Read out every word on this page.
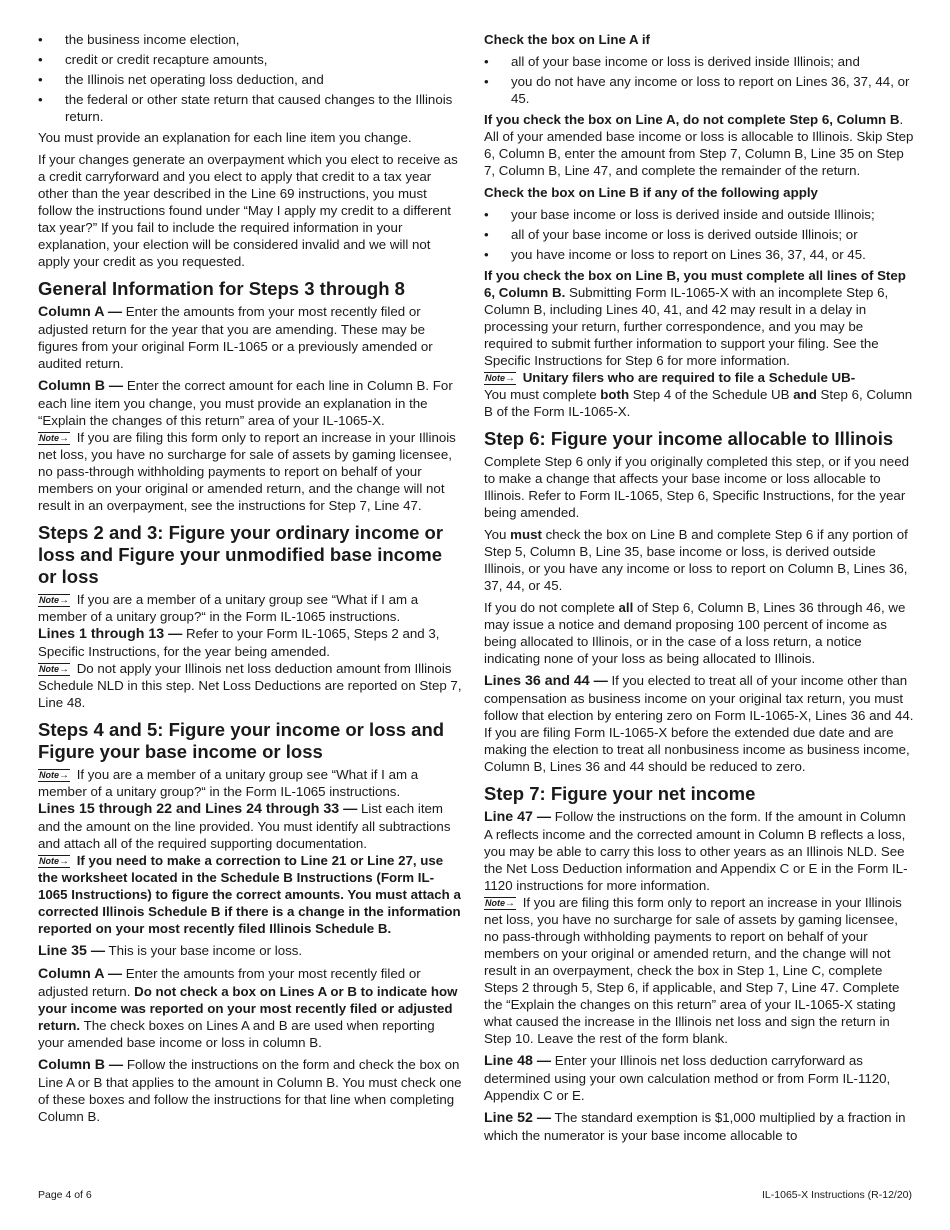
• the business income election,
• credit or credit recapture amounts,
• the Illinois net operating loss deduction, and
• the federal or other state return that caused changes to the Illinois return.

You must provide an explanation for each line item you change.

If your changes generate an overpayment which you elect to receive as a credit carryforward and you elect to apply that credit to a tax year other than the year described in the Line 69 instructions, you must follow the instructions found under “May I apply my credit to a different tax year?” If you fail to include the required information in your explanation, your election will be considered invalid and we will not apply your credit as you requested.

General Information for Steps 3 through 8

Column A — Enter the amounts from your most recently filed or adjusted return for the year that you are amending. These may be figures from your original Form IL-1065 or a previously amended or audited return.

Column B — Enter the correct amount for each line in Column B. For each line item you change, you must provide an explanation in the “Explain the changes of this return” area of your IL-1065-X.
Note→ If you are filing this form only to report an increase in your Illinois net loss, you have no surcharge for sale of assets by gaming licensee, no pass-through withholding payments to report on behalf of your members on your original or amended return, and the change will not result in an overpayment, see the instructions for Step 7, Line 47.

Steps 2 and 3: Figure your ordinary income or loss and Figure your unmodified base income or loss

Note→ If you are a member of a unitary group see “What if I am a member of a unitary group?“ in the Form IL-1065 instructions.
Lines 1 through 13 — Refer to your Form IL-1065, Steps 2 and 3, Specific Instructions, for the year being amended.
Note→ Do not apply your Illinois net loss deduction amount from Illinois Schedule NLD in this step. Net Loss Deductions are reported on Step 7, Line 48.

Steps 4 and 5: Figure your income or loss and Figure your base income or loss

Note→ If you are a member of a unitary group see “What if I am a member of a unitary group?“ in the Form IL-1065 instructions.
Lines 15 through 22 and Lines 24 through 33 — List each item and the amount on the line provided. You must identify all subtractions and attach all of the required supporting documentation.
Note→ If you need to make a correction to Line 21 or Line 27, use the worksheet located in the Schedule B Instructions (Form IL-1065 Instructions) to figure the correct amounts. You must attach a corrected Illinois Schedule B if there is a change in the information reported on your most recently filed Illinois Schedule B.

Line 35 — This is your base income or loss.

Column A — Enter the amounts from your most recently filed or adjusted return. Do not check a box on Lines A or B to indicate how your income was reported on your most recently filed or adjusted return. The check boxes on Lines A and B are used when reporting your amended base income or loss in column B.

Column B — Follow the instructions on the form and check the box on Line A or B that applies to the amount in Column B. You must check one of these boxes and follow the instructions for that line when completing Column B.

Check the box on Line A if

• all of your base income or loss is derived inside Illinois; and
• you do not have any income or loss to report on Lines 36, 37, 44, or 45.

If you check the box on Line A, do not complete Step 6, Column B. All of your amended base income or loss is allocable to Illinois. Skip Step 6, Column B, enter the amount from Step 7, Column B, Line 35 on Step 7, Column B, Line 47, and complete the remainder of the return.

Check the box on Line B if any of the following apply

• your base income or loss is derived inside and outside Illinois;
• all of your base income or loss is derived outside Illinois; or
• you have income or loss to report on Lines 36, 37, 44, or 45.

If you check the box on Line B, you must complete all lines of Step 6, Column B. Submitting Form IL-1065-X with an incomplete Step 6, Column B, including Lines 40, 41, and 42 may result in a delay in processing your return, further correspondence, and you may be required to submit further information to support your filing. See the Specific Instructions for Step 6 for more information.
Note→ Unitary filers who are required to file a Schedule UB-
You must complete both Step 4 of the Schedule UB and Step 6, Column B of the Form IL-1065-X.

Step 6: Figure your income allocable to Illinois

Complete Step 6 only if you originally completed this step, or if you need to make a change that affects your base income or loss allocable to Illinois. Refer to Form IL-1065, Step 6, Specific Instructions, for the year being amended.

You must check the box on Line B and complete Step 6 if any portion of Step 5, Column B, Line 35, base income or loss, is derived outside Illinois, or you have any income or loss to report on Column B, Lines 36, 37, 44, or 45.

If you do not complete all of Step 6, Column B, Lines 36 through 46, we may issue a notice and demand proposing 100 percent of income as being allocated to Illinois, or in the case of a loss return, a notice indicating none of your loss as being allocated to Illinois.

Lines 36 and 44 — If you elected to treat all of your income other than compensation as business income on your original tax return, you must follow that election by entering zero on Form IL-1065-X, Lines 36 and 44. If you are filing Form IL-1065-X before the extended due date and are making the election to treat all nonbusiness income as business income, Column B, Lines 36 and 44 should be reduced to zero.

Step 7: Figure your net income

Line 47 — Follow the instructions on the form. If the amount in Column A reflects income and the corrected amount in Column B reflects a loss, you may be able to carry this loss to other years as an Illinois NLD. See the Net Loss Deduction information and Appendix C or E in the Form IL-1120 instructions for more information.
Note→ If you are filing this form only to report an increase in your Illinois net loss, you have no surcharge for sale of assets by gaming licensee, no pass-through withholding payments to report on behalf of your members on your original or amended return, and the change will not result in an overpayment, check the box in Step 1, Line C, complete Steps 2 through 5, Step 6, if applicable, and Step 7, Line 47. Complete the “Explain the changes on this return” area of your IL-1065-X stating what caused the increase in the Illinois net loss and sign the return in Step 10. Leave the rest of the form blank.

Line 48 — Enter your Illinois net loss deduction carryforward as determined using your own calculation method or from Form IL-1120, Appendix C or E.

Line 52 — The standard exemption is $1,000 multiplied by a fraction in which the numerator is your base income allocable to

Page 4 of 6	IL-1065-X Instructions (R-12/20)
